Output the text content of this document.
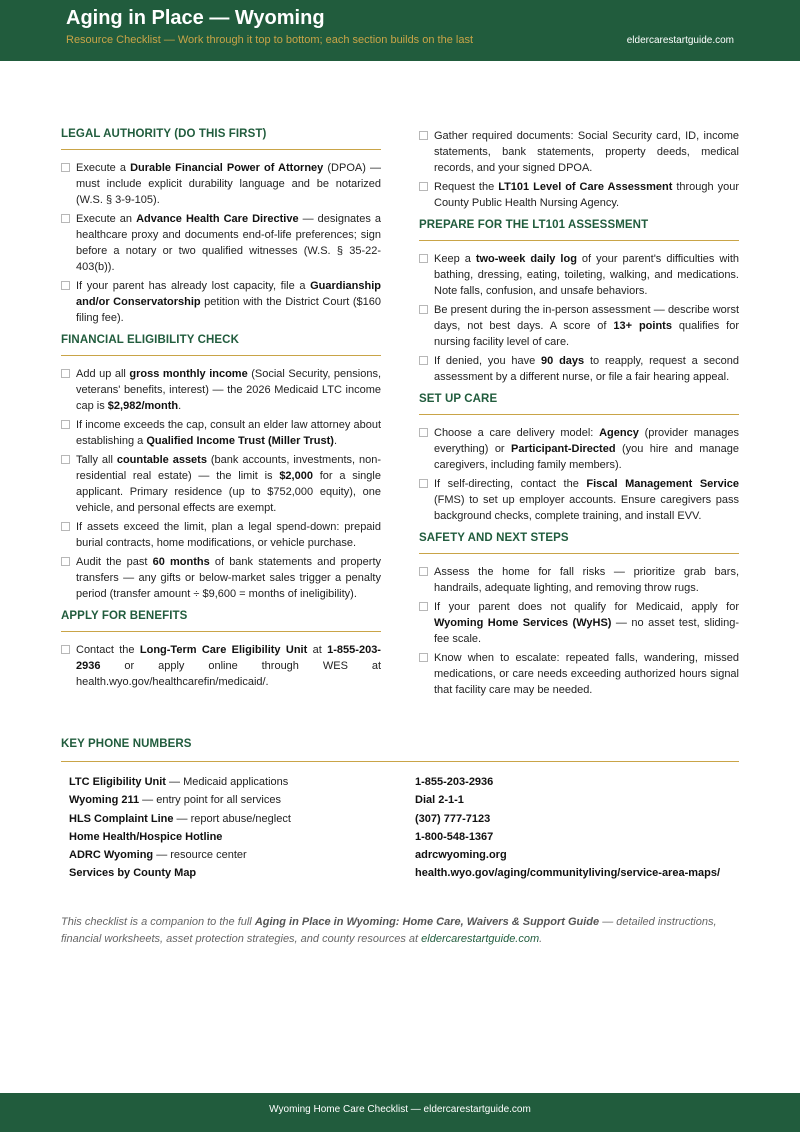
Aging in Place — Wyoming
Resource Checklist — Work through it top to bottom; each section builds on the last	eldercarestartguide.com
LEGAL AUTHORITY (DO THIS FIRST)
Execute a Durable Financial Power of Attorney (DPOA) — must include explicit durability language and be notarized (W.S. § 3-9-105).
Execute an Advance Health Care Directive — designates a healthcare proxy and documents end-of-life preferences; sign before a notary or two qualified witnesses (W.S. § 35-22-403(b)).
If your parent has already lost capacity, file a Guardianship and/or Conservatorship petition with the District Court ($160 filing fee).
FINANCIAL ELIGIBILITY CHECK
Add up all gross monthly income (Social Security, pensions, veterans' benefits, interest) — the 2026 Medicaid LTC income cap is $2,982/month.
If income exceeds the cap, consult an elder law attorney about establishing a Qualified Income Trust (Miller Trust).
Tally all countable assets (bank accounts, investments, non-residential real estate) — the limit is $2,000 for a single applicant. Primary residence (up to $752,000 equity), one vehicle, and personal effects are exempt.
If assets exceed the limit, plan a legal spend-down: prepaid burial contracts, home modifications, or vehicle purchase.
Audit the past 60 months of bank statements and property transfers — any gifts or below-market sales trigger a penalty period (transfer amount ÷ $9,600 = months of ineligibility).
APPLY FOR BENEFITS
Contact the Long-Term Care Eligibility Unit at 1-855-203-2936 or apply online through WES at health.wyo.gov/healthcarefin/medicaid/.
Gather required documents: Social Security card, ID, income statements, bank statements, property deeds, medical records, and your signed DPOA.
Request the LT101 Level of Care Assessment through your County Public Health Nursing Agency.
PREPARE FOR THE LT101 ASSESSMENT
Keep a two-week daily log of your parent's difficulties with bathing, dressing, eating, toileting, walking, and medications. Note falls, confusion, and unsafe behaviors.
Be present during the in-person assessment — describe worst days, not best days. A score of 13+ points qualifies for nursing facility level of care.
If denied, you have 90 days to reapply, request a second assessment by a different nurse, or file a fair hearing appeal.
SET UP CARE
Choose a care delivery model: Agency (provider manages everything) or Participant-Directed (you hire and manage caregivers, including family members).
If self-directing, contact the Fiscal Management Service (FMS) to set up employer accounts. Ensure caregivers pass background checks, complete training, and install EVV.
SAFETY AND NEXT STEPS
Assess the home for fall risks — prioritize grab bars, handrails, adequate lighting, and removing throw rugs.
If your parent does not qualify for Medicaid, apply for Wyoming Home Services (WyHS) — no asset test, sliding-fee scale.
Know when to escalate: repeated falls, wandering, missed medications, or care needs exceeding authorized hours signal that facility care may be needed.
KEY PHONE NUMBERS
LTC Eligibility Unit — Medicaid applications	1-855-203-2936
Wyoming 211 — entry point for all services	Dial 2-1-1
HLS Complaint Line — report abuse/neglect	(307) 777-7123
Home Health/Hospice Hotline	1-800-548-1367
ADRC Wyoming — resource center	adrcwyoming.org
Services by County Map	health.wyo.gov/aging/communityliving/service-area-maps/
This checklist is a companion to the full Aging in Place in Wyoming: Home Care, Waivers & Support Guide — detailed instructions, financial worksheets, asset protection strategies, and county resources at eldercarestartguide.com.
Wyoming Home Care Checklist — eldercarestartguide.com
